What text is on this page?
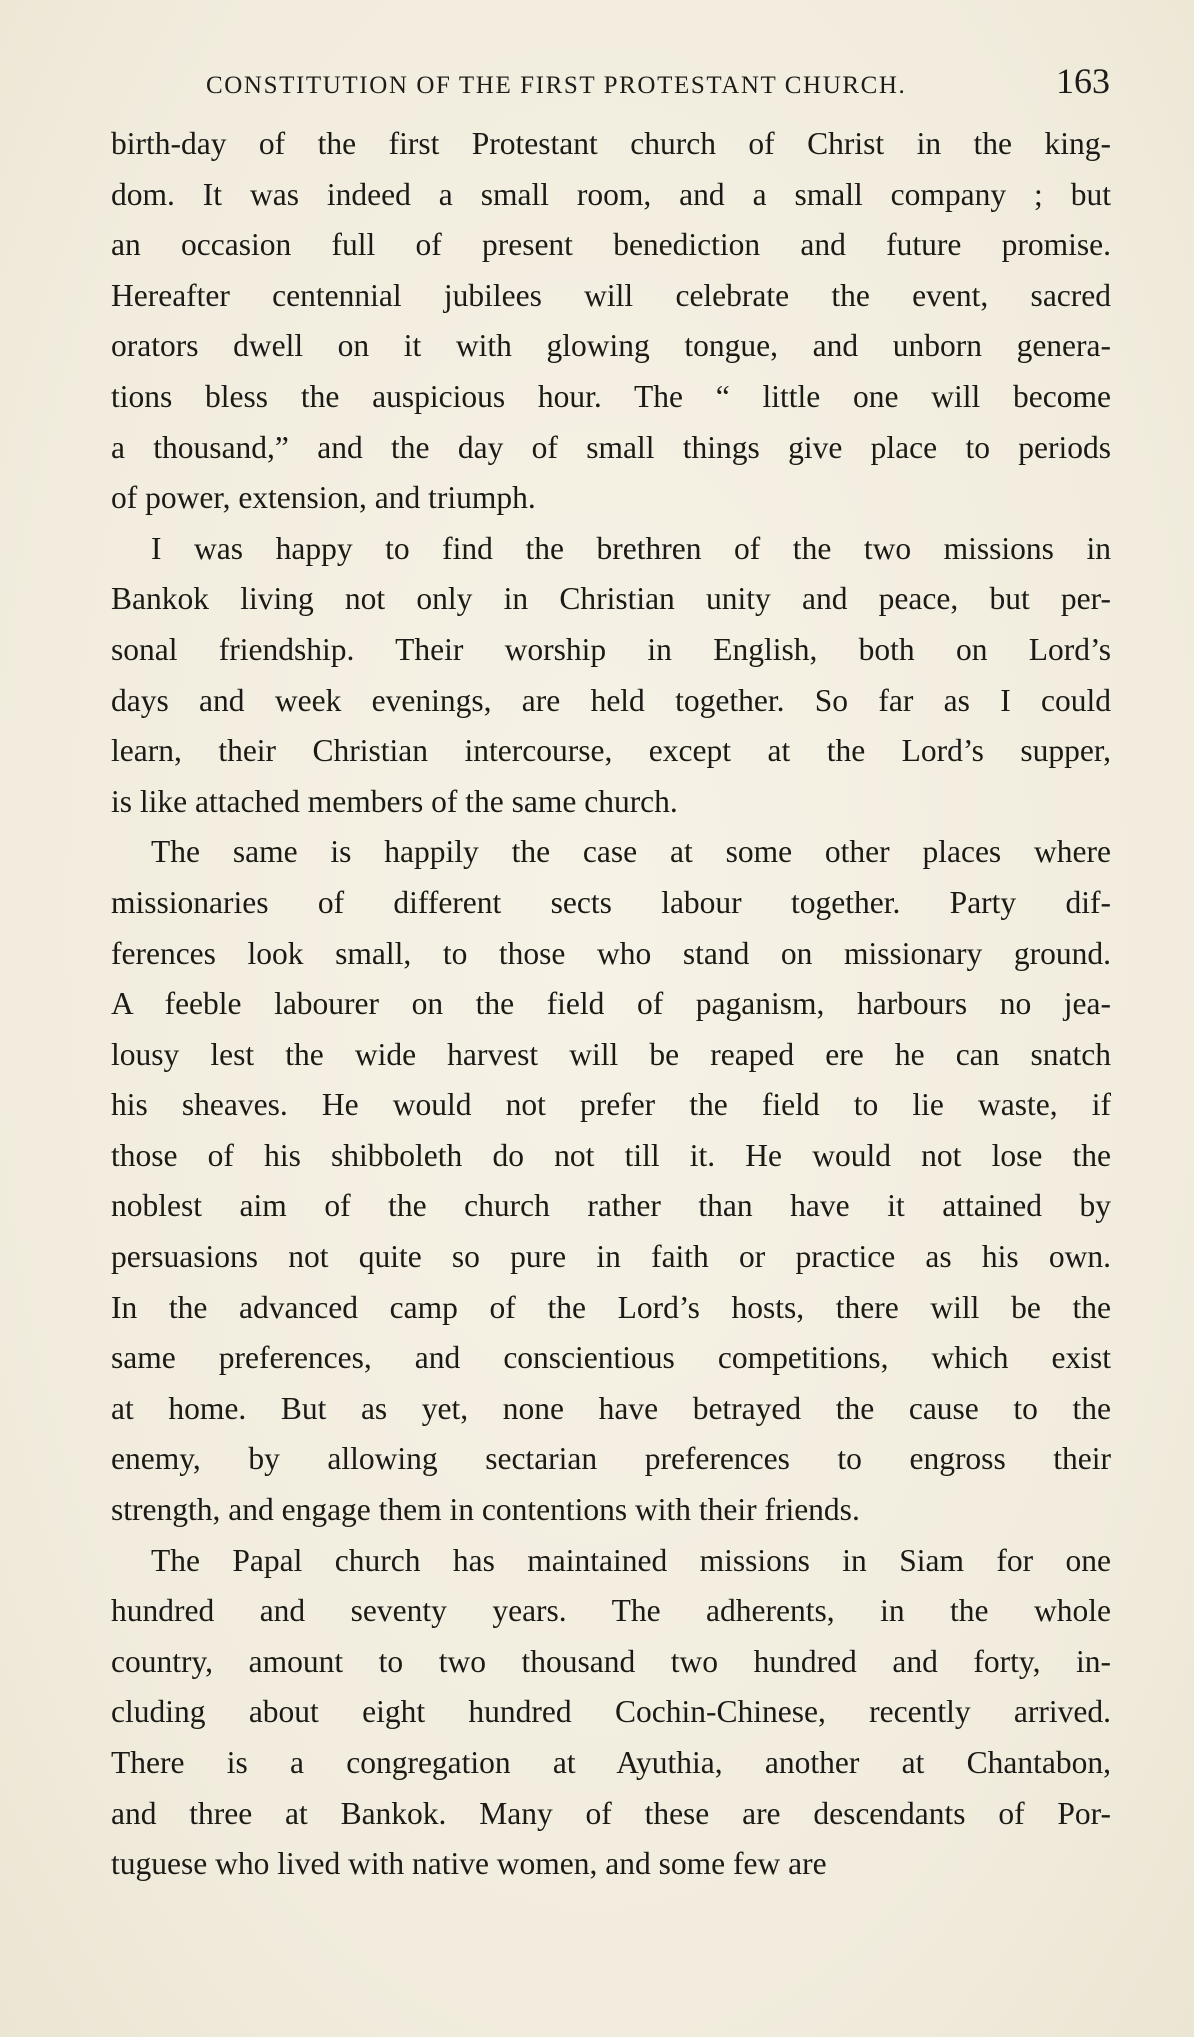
CONSTITUTION OF THE FIRST PROTESTANT CHURCH.	163
birth-day of the first Protestant church of Christ in the king-
dom. It was indeed a small room, and a small company ; but
an occasion full of present benediction and future promise.
Hereafter centennial jubilees will celebrate the event, sacred
orators dwell on it with glowing tongue, and unborn genera-
tions bless the auspicious hour. The “ little one will become
a thousand,” and the day of small things give place to periods
of power, extension, and triumph.
I was happy to find the brethren of the two missions in
Bankok living not only in Christian unity and peace, but per-
sonal friendship. Their worship in English, both on Lord’s
days and week evenings, are held together. So far as I could
learn, their Christian intercourse, except at the Lord’s supper,
is like attached members of the same church.
The same is happily the case at some other places where
missionaries of different sects labour together. Party dif-
ferences look small, to those who stand on missionary ground.
A feeble labourer on the field of paganism, harbours no jea-
lousy lest the wide harvest will be reaped ere he can snatch
his sheaves. He would not prefer the field to lie waste, if
those of his shibboleth do not till it. He would not lose the
noblest aim of the church rather than have it attained by
persuasions not quite so pure in faith or practice as his own.
In the advanced camp of the Lord’s hosts, there will be the
same preferences, and conscientious competitions, which exist
at home. But as yet, none have betrayed the cause to the
enemy, by allowing sectarian preferences to engross their
strength, and engage them in contentions with their friends.
The Papal church has maintained missions in Siam for one
hundred and seventy years. The adherents, in the whole
country, amount to two thousand two hundred and forty, in-
cluding about eight hundred Cochin-Chinese, recently arrived.
There is a congregation at Ayuthia, another at Chantabon,
and three at Bankok. Many of these are descendants of Por-
tuguese who lived with native women, and some few are
